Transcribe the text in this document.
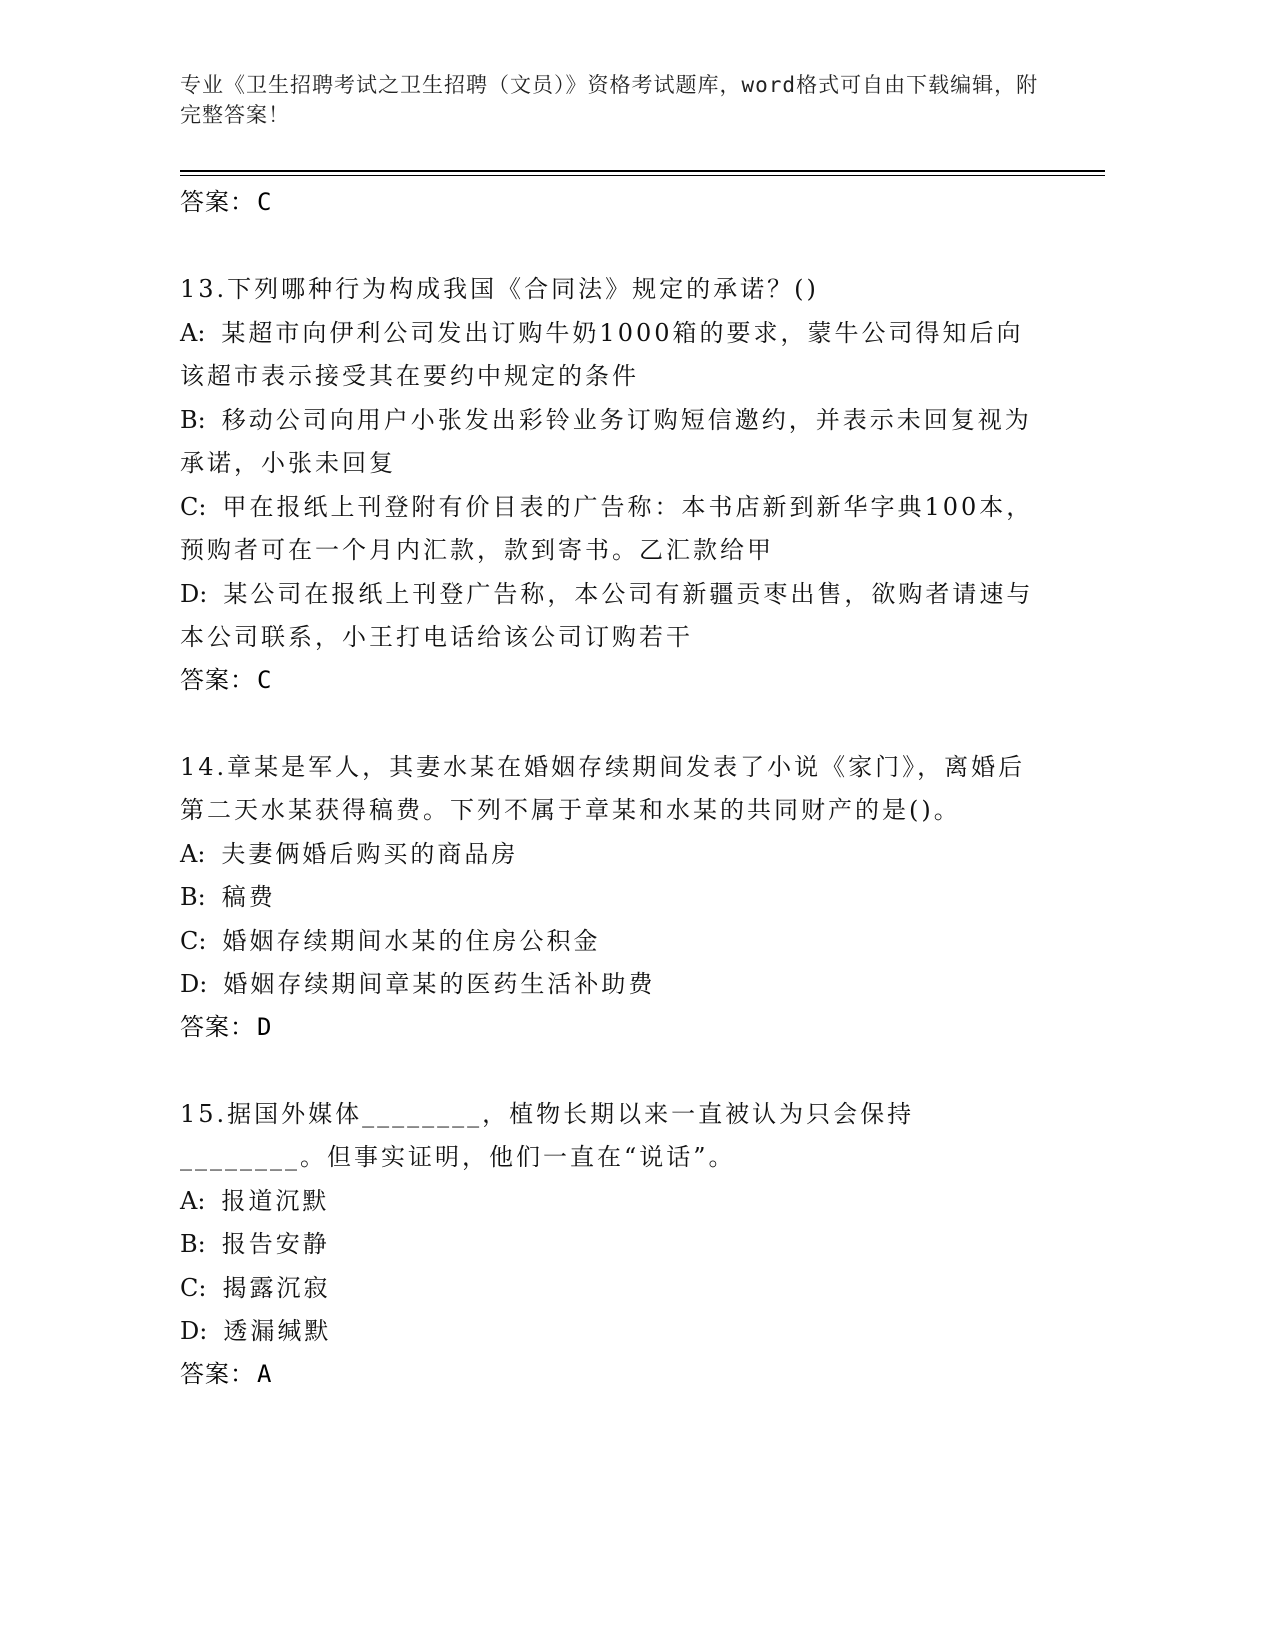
专业《卫生招聘考试之卫生招聘（文员）》资格考试题库，word格式可自由下载编辑，附完整答案！

答案：C

13.下列哪种行为构成我国《合同法》规定的承诺？()

A: 某超市向伊利公司发出订购牛奶1000箱的要求，蒙牛公司得知后向该超市表示接受其在要约中规定的条件

B: 移动公司向用户小张发出彩铃业务订购短信邀约，并表示未回复视为承诺，小张未回复

C: 甲在报纸上刊登附有价目表的广告称：本书店新到新华字典100本，预购者可在一个月内汇款，款到寄书。乙汇款给甲

D: 某公司在报纸上刊登广告称，本公司有新疆贡枣出售，欲购者请速与本公司联系，小王打电话给该公司订购若干

答案：C

14.章某是军人，其妻水某在婚姻存续期间发表了小说《家门》，离婚后第二天水某获得稿费。下列不属于章某和水某的共同财产的是()。

A: 夫妻俩婚后购买的商品房

B: 稿费

C: 婚姻存续期间水某的住房公积金

D: 婚姻存续期间章某的医药生活补助费

答案：D

15.据国外媒体________，植物长期以来一直被认为只会保持________。但事实证明，他们一直在“说话”。

A: 报道沉默

B: 报告安静

C: 揭露沉寂

D: 透漏缄默

答案：A
